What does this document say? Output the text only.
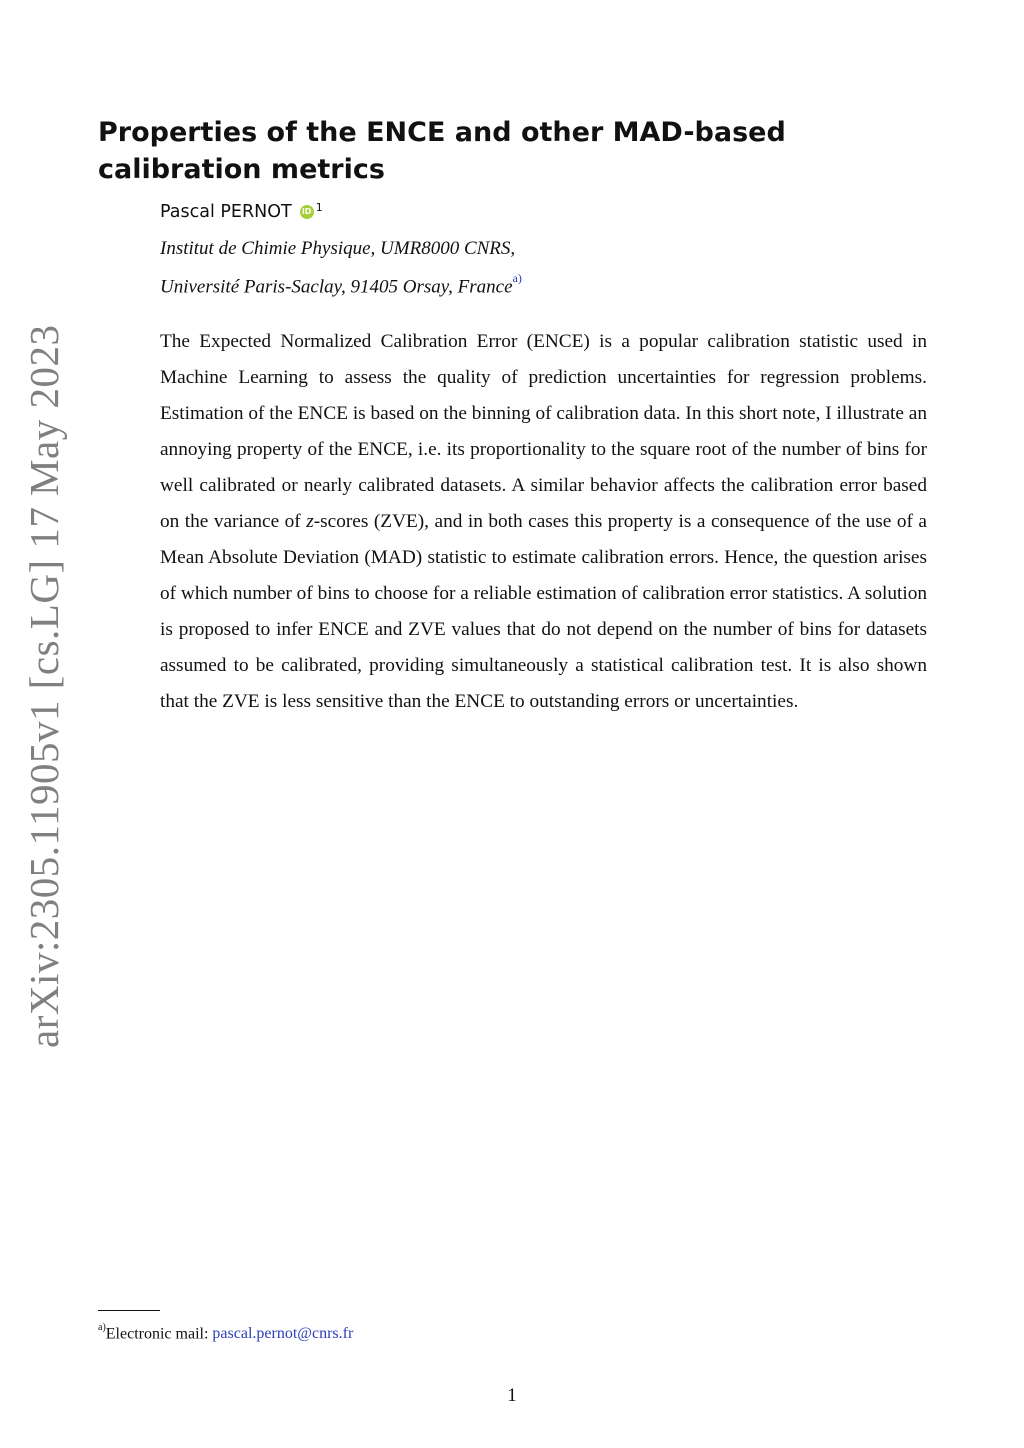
arXiv:2305.11905v1 [cs.LG] 17 May 2023
Properties of the ENCE and other MAD-based calibration metrics
Pascal PERNOT iD $^1$
Institut de Chimie Physique, UMR8000 CNRS,
Université Paris-Saclay, 91405 Orsay, France$^{a)}$

The Expected Normalized Calibration Error (ENCE) is a popular calibration statistic used in Machine Learning to assess the quality of prediction uncertainties for regression problems. Estimation of the ENCE is based on the binning of calibration data. In this short note, I illustrate an annoying property of the ENCE, i.e. its proportionality to the square root of the number of bins for well calibrated or nearly calibrated datasets. A similar behavior affects the calibration error based on the variance of z-scores (ZVE), and in both cases this property is a consequence of the use of a Mean Absolute Deviation (MAD) statistic to estimate calibration errors. Hence, the question arises of which number of bins to choose for a reliable estimation of calibration error statistics. A solution is proposed to infer ENCE and ZVE values that do not depend on the number of bins for datasets assumed to be calibrated, providing simultaneously a statistical calibration test. It is also shown that the ZVE is less sensitive than the ENCE to outstanding errors or uncertainties.

$^{a)}$Electronic mail: pascal.pernot@cnrs.fr
1
